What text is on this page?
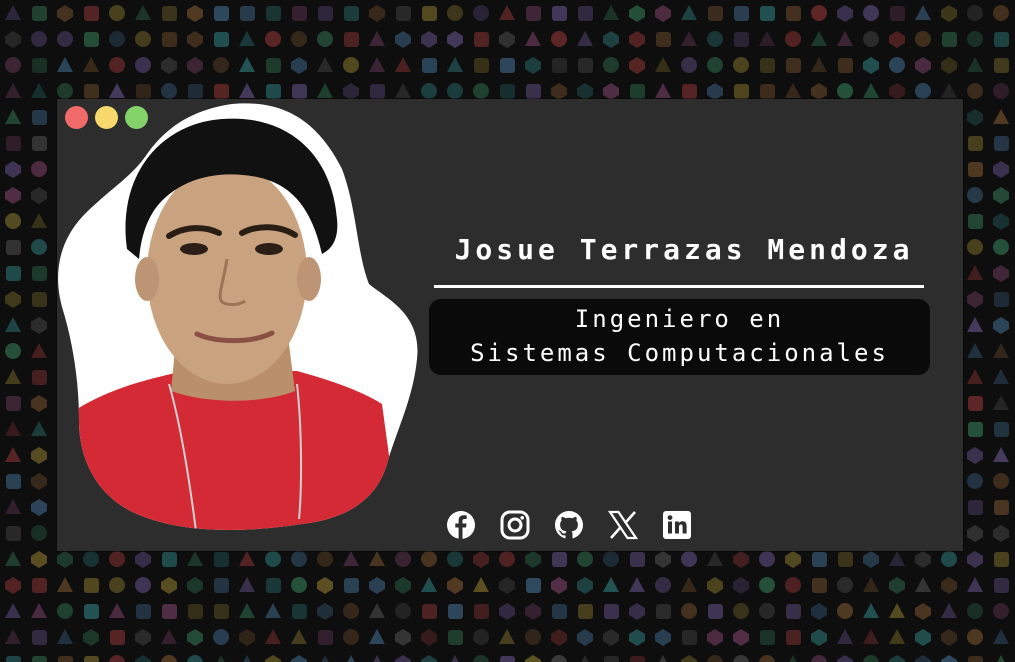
Josue Terrazas Mendoza
Ingeniero en
Sistemas Computacionales
